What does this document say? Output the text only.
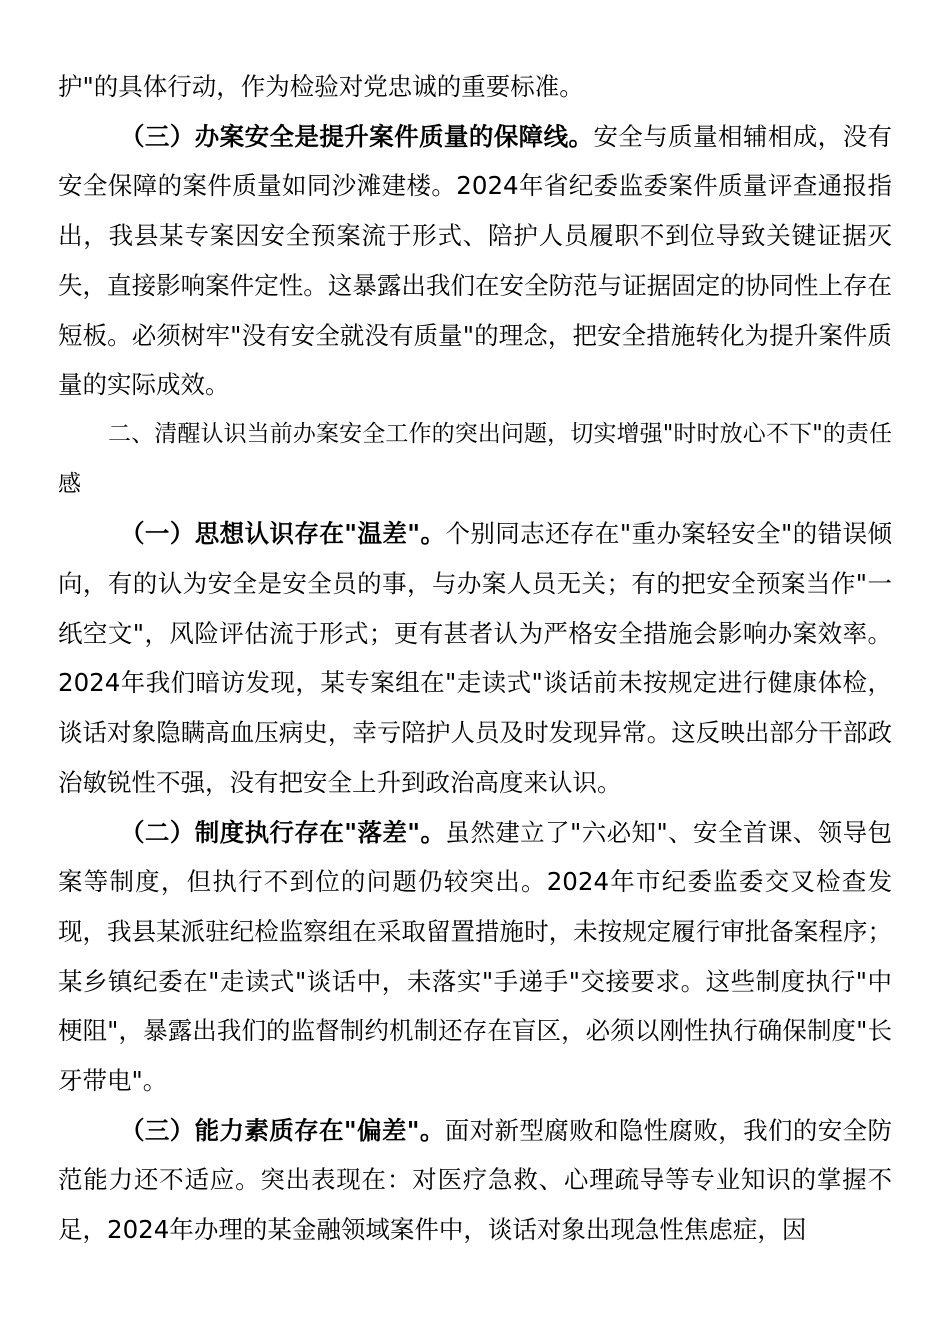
护"的具体行动，作为检验对党忠诚的重要标准。

（三）办案安全是提升案件质量的保障线。安全与质量相辅相成，没有安全保障的案件质量如同沙滩建楼。2024年省纪委监委案件质量评查通报指出，我县某专案因安全预案流于形式、陪护人员履职不到位导致关键证据灭失，直接影响案件定性。这暴露出我们在安全防范与证据固定的协同性上存在短板。必须树牢"没有安全就没有质量"的理念，把安全措施转化为提升案件质量的实际成效。

二、清醒认识当前办案安全工作的突出问题，切实增强"时时放心不下"的责任感

（一）思想认识存在"温差"。个别同志还存在"重办案轻安全"的错误倾向，有的认为安全是安全员的事，与办案人员无关；有的把安全预案当作"一纸空文"，风险评估流于形式；更有甚者认为严格安全措施会影响办案效率。2024年我们暗访发现，某专案组在"走读式"谈话前未按规定进行健康体检，谈话对象隐瞒高血压病史，幸亏陪护人员及时发现异常。这反映出部分干部政治敏锐性不强，没有把安全上升到政治高度来认识。

（二）制度执行存在"落差"。虽然建立了"六必知"、安全首课、领导包案等制度，但执行不到位的问题仍较突出。2024年市纪委监委交叉检查发现，我县某派驻纪检监察组在采取留置措施时，未按规定履行审批备案程序；某乡镇纪委在"走读式"谈话中，未落实"手递手"交接要求。这些制度执行"中梗阻"，暴露出我们的监督制约机制还存在盲区，必须以刚性执行确保制度"长牙带电"。

（三）能力素质存在"偏差"。面对新型腐败和隐性腐败，我们的安全防范能力还不适应。突出表现在：对医疗急救、心理疏导等专业知识的掌握不足，2024年办理的某金融领域案件中，谈话对象出现急性焦虑症，因
